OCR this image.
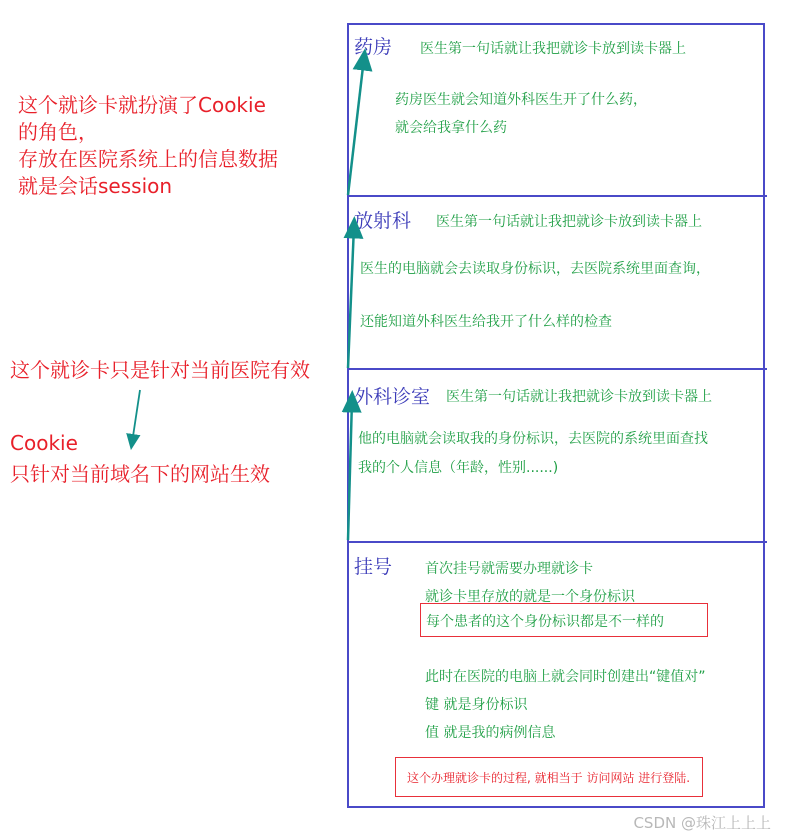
这个就诊卡就扮演了Cookie
的角色，
存放在医院系统上的信息数据
就是会话session
这个就诊卡只是针对当前医院有效
Cookie
只针对当前域名下的网站生效
药房 医生第一句话就让我把就诊卡放到读卡器上
药房医生就会知道外科医生开了什么药，
就会给我拿什么药
放射科 医生第一句话就让我把就诊卡放到读卡器上
医生的电脑就会去读取身份标识，去医院系统里面查询，
还能知道外科医生给我开了什么样的检查
外科诊室 医生第一句话就让我把就诊卡放到读卡器上
他的电脑就会读取我的身份标识，去医院的系统里面查找
我的个人信息（年龄，性别......)
挂号 首次挂号就需要办理就诊卡
就诊卡里存放的就是一个身份标识
每个患者的这个身份标识都是不一样的
此时在医院的电脑上就会同时创建出“键值对”
键 就是身份标识
值 就是我的病例信息
这个办理就诊卡的过程, 就相当于 访问网站 进行登陆.
CSDN @珠江上上上
